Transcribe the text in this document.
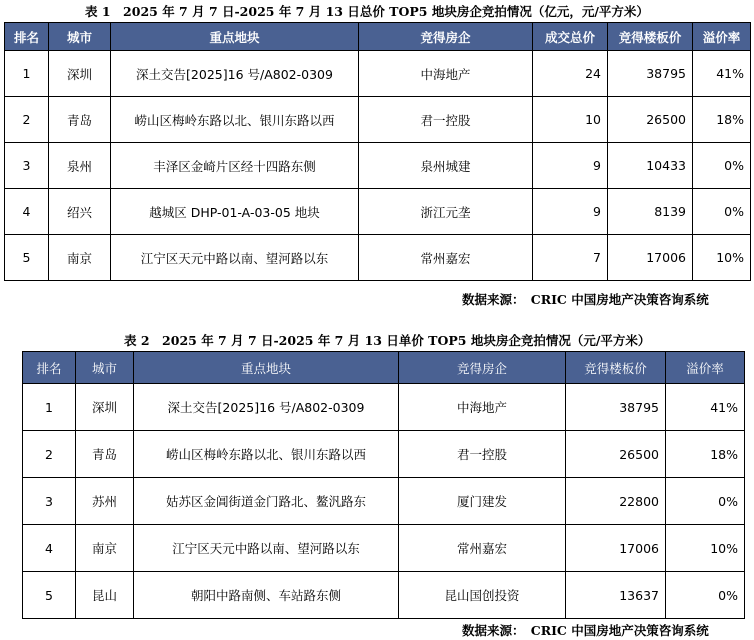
表 1　2025 年 7 月 7 日-2025 年 7 月 13 日总价 TOP5 地块房企竞拍情况（亿元，元/平方米）
排名	城市	重点地块	竞得房企	成交总价	竞得楼板价	溢价率
1	深圳	深土交告[2025]16 号/A802-0309	中海地产	24	38795	41%
2	青岛	崂山区梅岭东路以北、银川东路以西	君一控股	10	26500	18%
3	泉州	丰泽区金崎片区经十四路东侧	泉州城建	9	10433	0%
4	绍兴	越城区 DHP-01-A-03-05 地块	浙江元垄	9	8139	0%
5	南京	江宁区天元中路以南、望河路以东	常州嘉宏	7	17006	10%
数据来源：　CRIC 中国房地产决策咨询系统
表 2　2025 年 7 月 7 日-2025 年 7 月 13 日单价 TOP5 地块房企竞拍情况（元/平方米）
排名	城市	重点地块	竞得房企	竞得楼板价	溢价率
1	深圳	深土交告[2025]16 号/A802-0309	中海地产	38795	41%
2	青岛	崂山区梅岭东路以北、银川东路以西	君一控股	26500	18%
3	苏州	姑苏区金阊街道金门路北、鳌汎路东	厦门建发	22800	0%
4	南京	江宁区天元中路以南、望河路以东	常州嘉宏	17006	10%
5	昆山	朝阳中路南侧、车站路东侧	昆山国创投资	13637	0%
数据来源：　CRIC 中国房地产决策咨询系统
